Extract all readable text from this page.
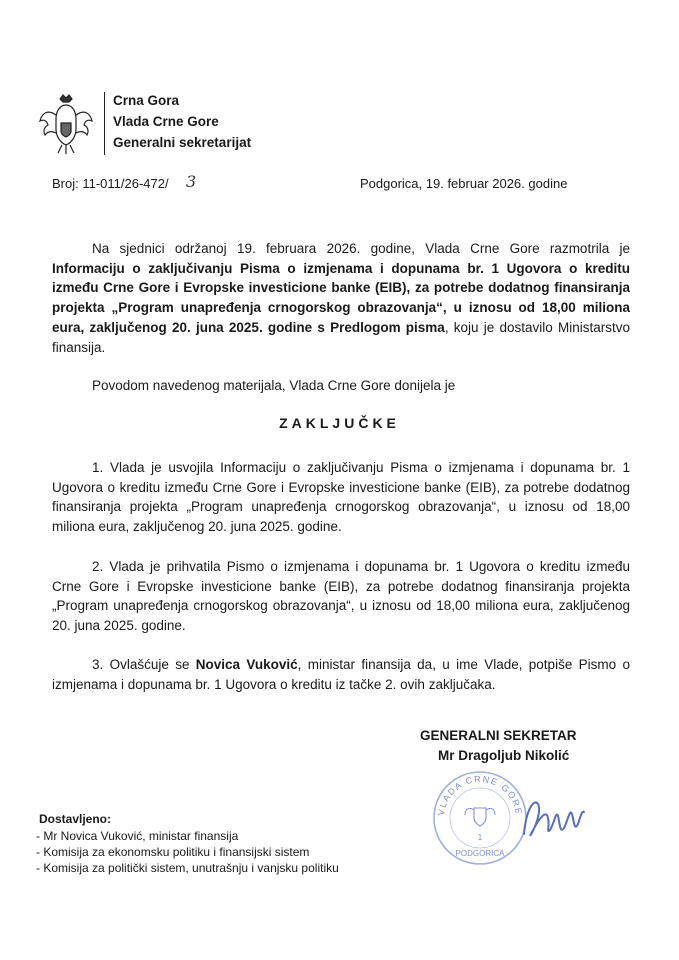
Crna Gora
Vlada Crne Gore
Generalni sekretarijat
Broj: 11-011/26-472/ 3	Podgorica, 19. februar 2026. godine

Na sjednici održanoj 19. februara 2026. godine, Vlada Crne Gore razmotrila je Informaciju o zaključivanju Pisma o izmjenama i dopunama br. 1 Ugovora o kreditu između Crne Gore i Evropske investicione banke (EIB), za potrebe dodatnog finansiranja projekta „Program unapređenja crnogorskog obrazovanja“, u iznosu od 18,00 miliona eura, zaključenog 20. juna 2025. godine s Predlogom pisma, koju je dostavilo Ministarstvo finansija.

Povodom navedenog materijala, Vlada Crne Gore donijela je

ZAKLJUČKE

1. Vlada je usvojila Informaciju o zaključivanju Pisma o izmjenama i dopunama br. 1 Ugovora o kreditu između Crne Gore i Evropske investicione banke (EIB), za potrebe dodatnog finansiranja projekta „Program unapređenja crnogorskog obrazovanja“, u iznosu od 18,00 miliona eura, zaključenog 20. juna 2025. godine.

2. Vlada je prihvatila Pismo o izmjenama i dopunama br. 1 Ugovora o kreditu između Crne Gore i Evropske investicione banke (EIB), za potrebe dodatnog finansiranja projekta „Program unapređenja crnogorskog obrazovanja“, u iznosu od 18,00 miliona eura, zaključenog 20. juna 2025. godine.

3. Ovlašćuje se Novica Vuković, ministar finansija da, u ime Vlade, potpiše Pismo o izmjenama i dopunama br. 1 Ugovora o kreditu iz tačke 2. ovih zaključaka.

GENERALNI SEKRETAR
Mr Dragoljub Nikolić
VLADA CRNE GORE
1
PODGORICA
Dostavljeno:
- Mr Novica Vuković, ministar finansija
- Komisija za ekonomsku politiku i finansijski sistem
- Komisija za politički sistem, unutrašnju i vanjsku politiku
